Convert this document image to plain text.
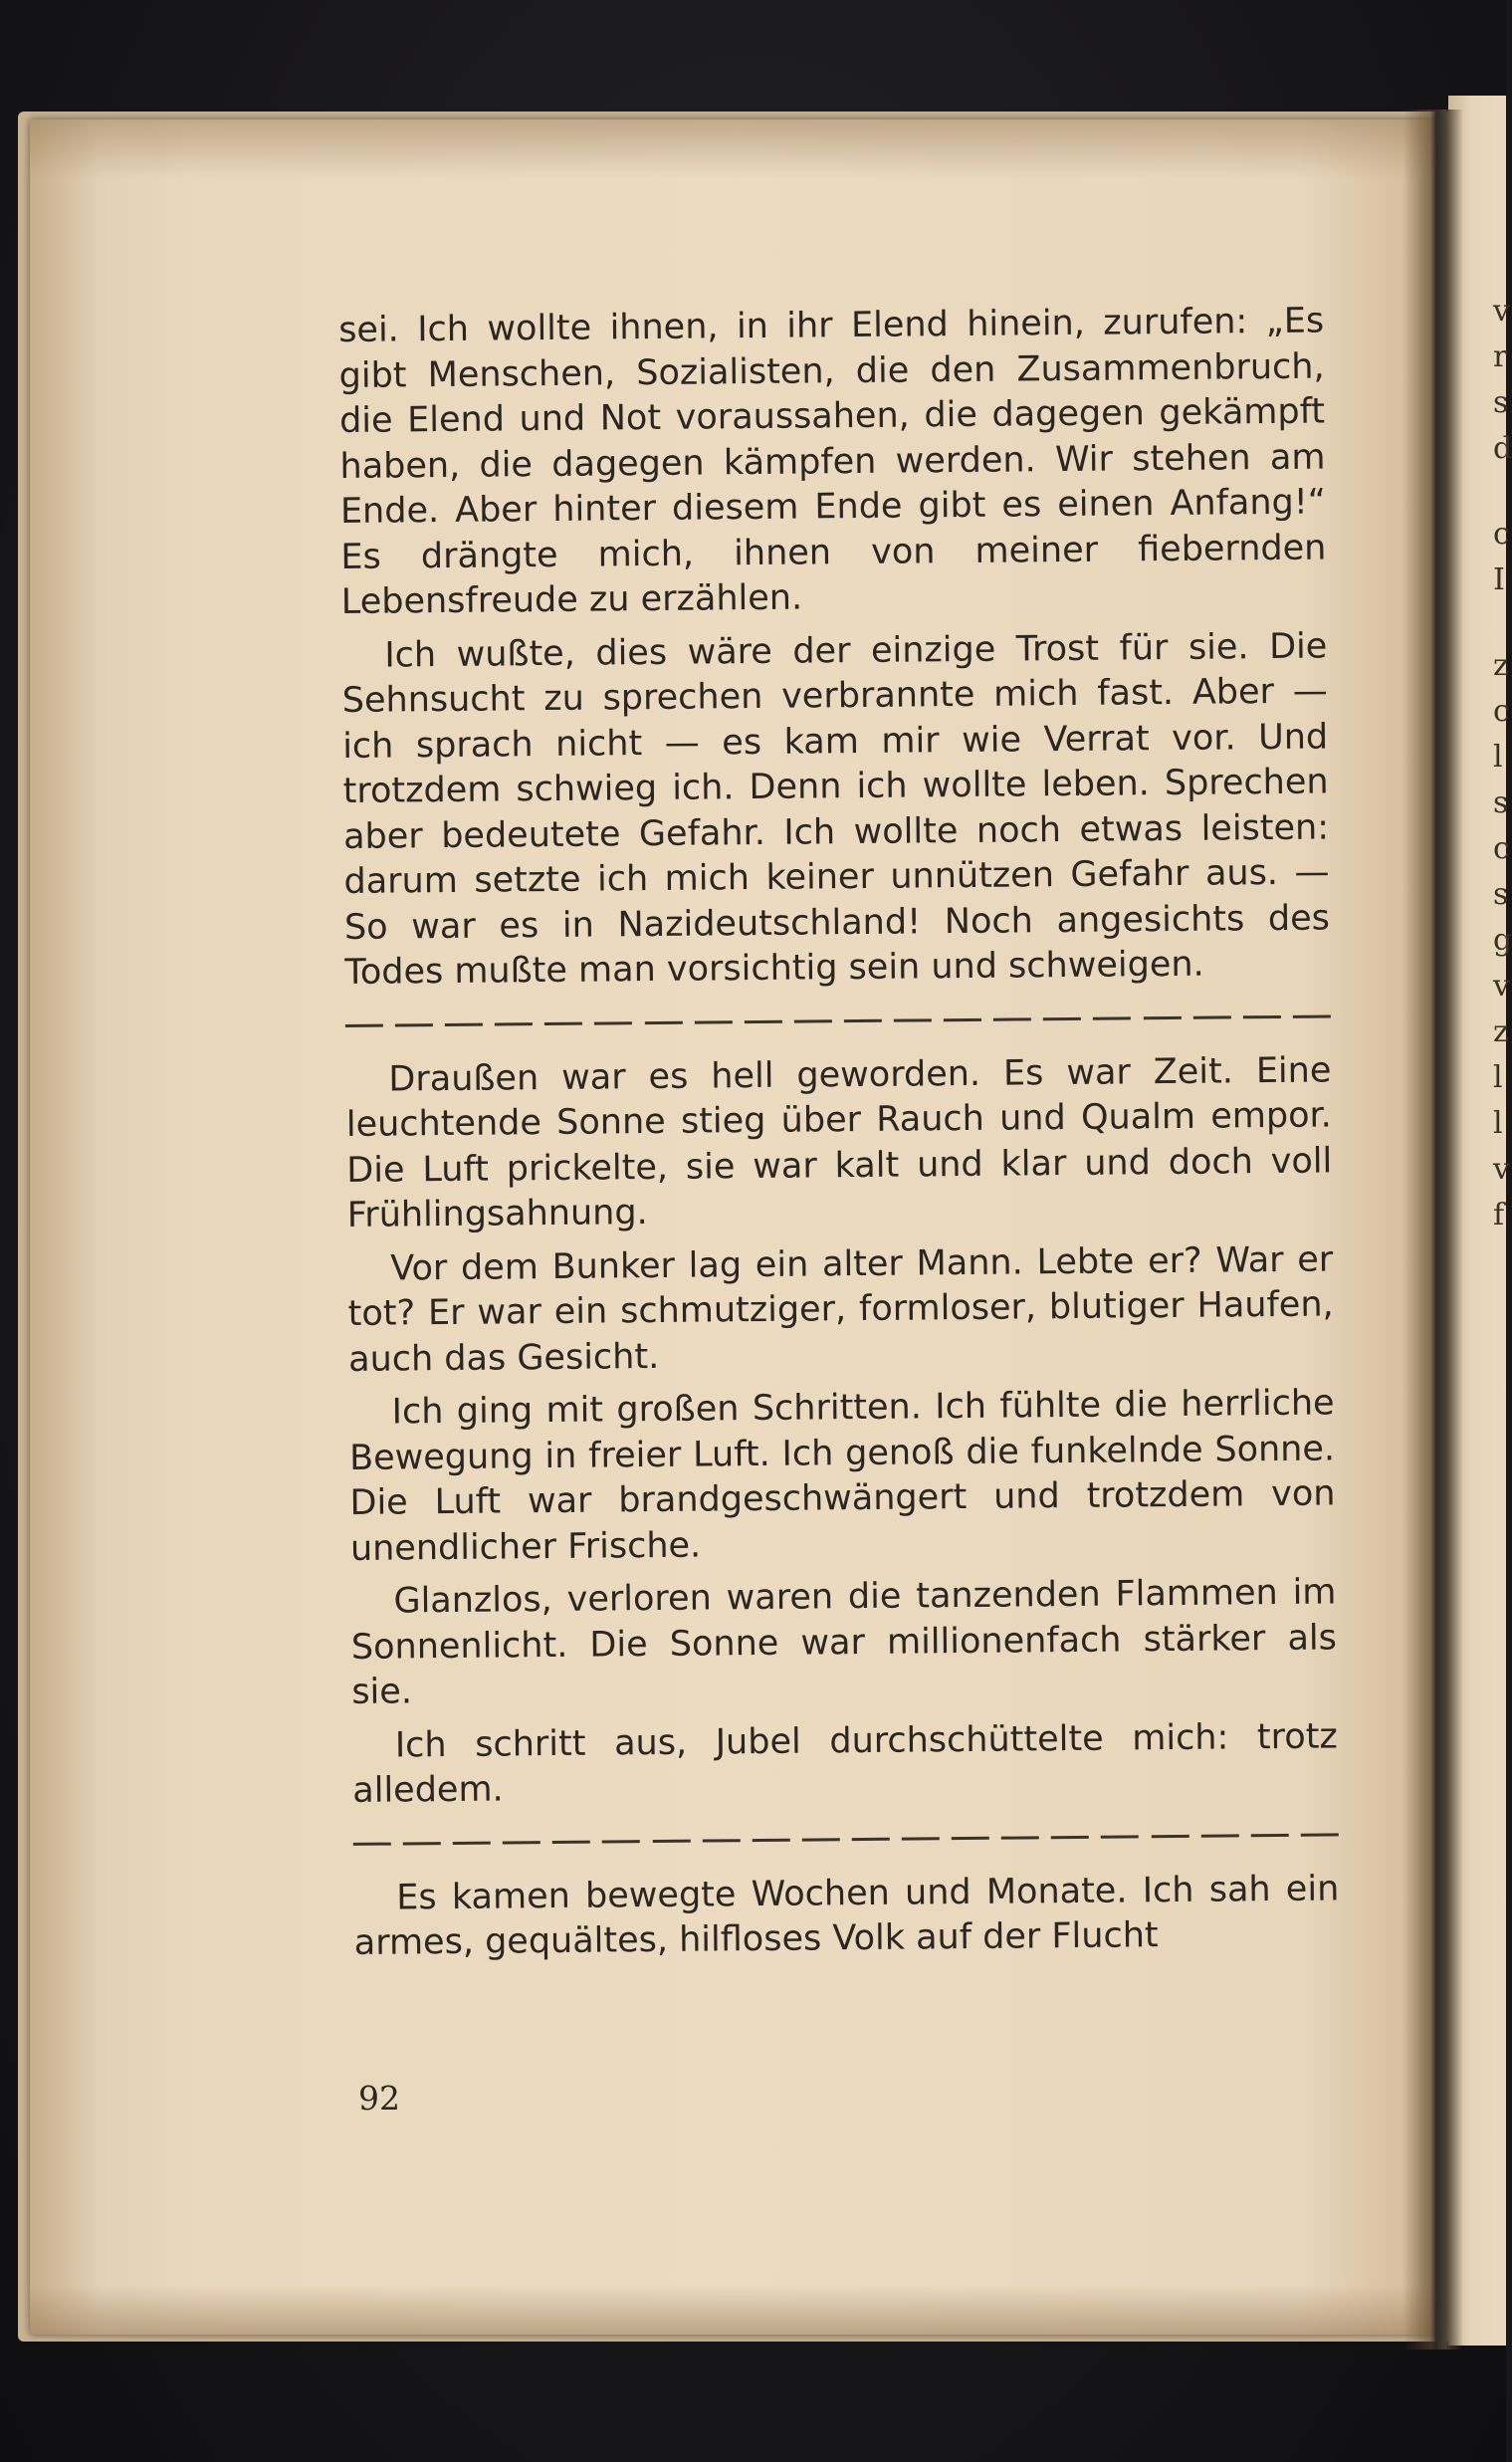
v
r
s
d
c
I
z
c
l
s
c
s
g
v
z
l
l
v
f

sei. Ich wollte ihnen, in ihr Elend hinein, zurufen: „Es gibt Menschen, Sozialisten, die den Zusammenbruch, die Elend und Not voraussahen, die dagegen gekämpft haben, die dagegen kämpfen werden. Wir stehen am Ende. Aber hinter diesem Ende gibt es einen Anfang!“ Es drängte mich, ihnen von meiner fiebernden Lebensfreude zu erzählen.

Ich wußte, dies wäre der einzige Trost für sie. Die Sehnsucht zu sprechen verbrannte mich fast. Aber — ich sprach nicht — es kam mir wie Verrat vor. Und trotzdem schwieg ich. Denn ich wollte leben. Sprechen aber bedeutete Gefahr. Ich wollte noch etwas leisten: darum setzte ich mich keiner unnützen Gefahr aus. — So war es in Nazideutschland! Noch angesichts des Todes mußte man vorsichtig sein und schweigen.

Draußen war es hell geworden. Es war Zeit. Eine leuchtende Sonne stieg über Rauch und Qualm empor. Die Luft prickelte, sie war kalt und klar und doch voll Frühlingsahnung.

Vor dem Bunker lag ein alter Mann. Lebte er? War er tot? Er war ein schmutziger, formloser, blutiger Haufen, auch das Gesicht.

Ich ging mit großen Schritten. Ich fühlte die herrliche Bewegung in freier Luft. Ich genoß die funkelnde Sonne. Die Luft war brandgeschwängert und trotzdem von unendlicher Frische.

Glanzlos, verloren waren die tanzenden Flammen im Sonnenlicht. Die Sonne war millionenfach stärker als sie.

Ich schritt aus, Jubel durchschüttelte mich: trotz alledem.

Es kamen bewegte Wochen und Monate. Ich sah ein armes, gequältes, hilfloses Volk auf der Flucht

92
